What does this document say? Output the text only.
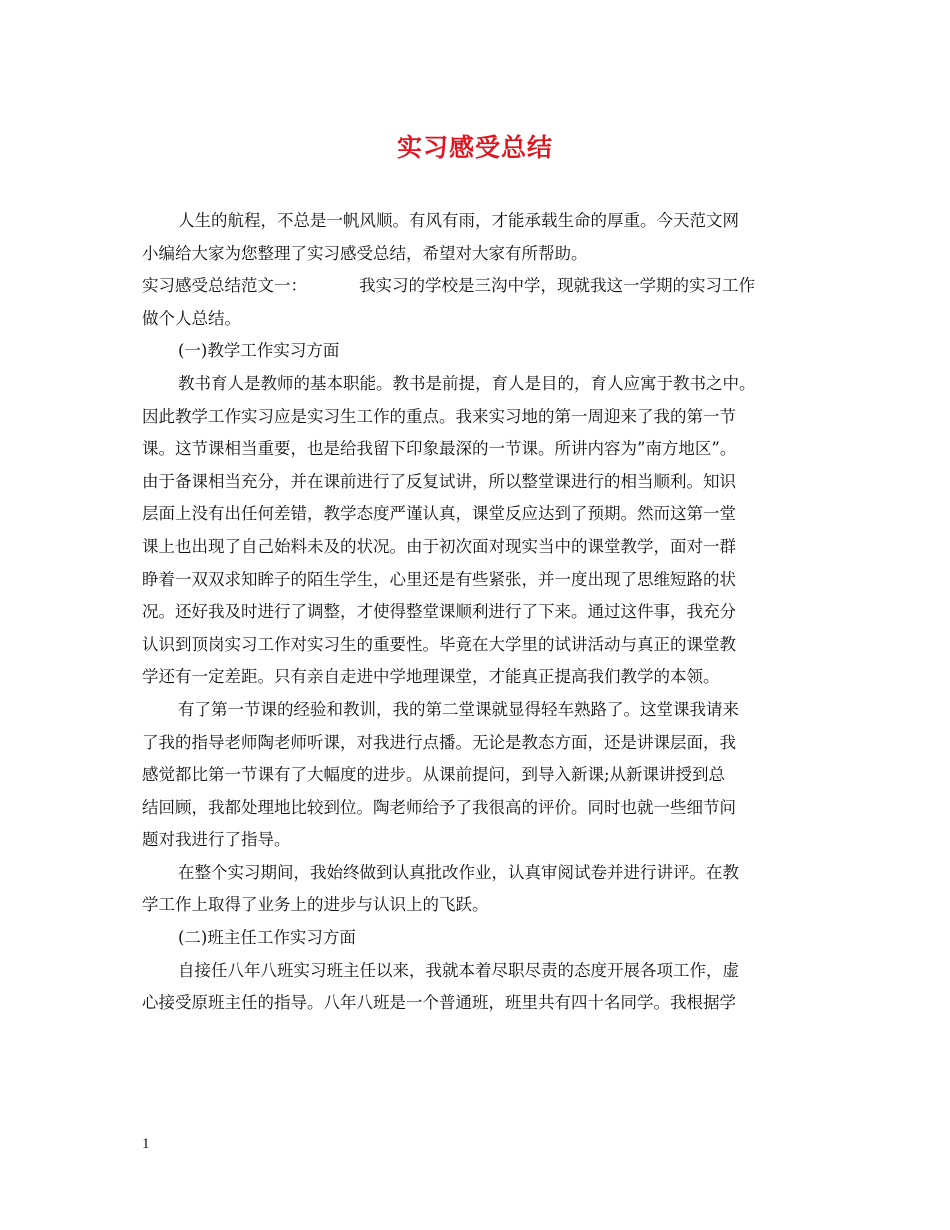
实习感受总结
人生的航程，不总是一帆风顺。有风有雨，才能承载生命的厚重。今天范文网
小编给大家为您整理了实习感受总结，希望对大家有所帮助。
实习感受总结范文一：	我实习的学校是三沟中学，现就我这一学期的实习工作
做个人总结。
(一)教学工作实习方面
教书育人是教师的基本职能。教书是前提，育人是目的，育人应寓于教书之中。
因此教学工作实习应是实习生工作的重点。我来实习地的第一周迎来了我的第一节
课。这节课相当重要，也是给我留下印象最深的一节课。所讲内容为”南方地区”。
由于备课相当充分，并在课前进行了反复试讲，所以整堂课进行的相当顺利。知识
层面上没有出任何差错，教学态度严谨认真，课堂反应达到了预期。然而这第一堂
课上也出现了自己始料未及的状况。由于初次面对现实当中的课堂教学，面对一群
睁着一双双求知眸子的陌生学生，心里还是有些紧张，并一度出现了思维短路的状
况。还好我及时进行了调整，才使得整堂课顺利进行了下来。通过这件事，我充分
认识到顶岗实习工作对实习生的重要性。毕竟在大学里的试讲活动与真正的课堂教
学还有一定差距。只有亲自走进中学地理课堂，才能真正提高我们教学的本领。
有了第一节课的经验和教训，我的第二堂课就显得轻车熟路了。这堂课我请来
了我的指导老师陶老师听课，对我进行点播。无论是教态方面，还是讲课层面，我
感觉都比第一节课有了大幅度的进步。从课前提问，到导入新课;从新课讲授到总
结回顾，我都处理地比较到位。陶老师给予了我很高的评价。同时也就一些细节问
题对我进行了指导。
在整个实习期间，我始终做到认真批改作业，认真审阅试卷并进行讲评。在教
学工作上取得了业务上的进步与认识上的飞跃。
(二)班主任工作实习方面
自接任八年八班实习班主任以来，我就本着尽职尽责的态度开展各项工作，虚
心接受原班主任的指导。八年八班是一个普通班，班里共有四十名同学。我根据学
1
